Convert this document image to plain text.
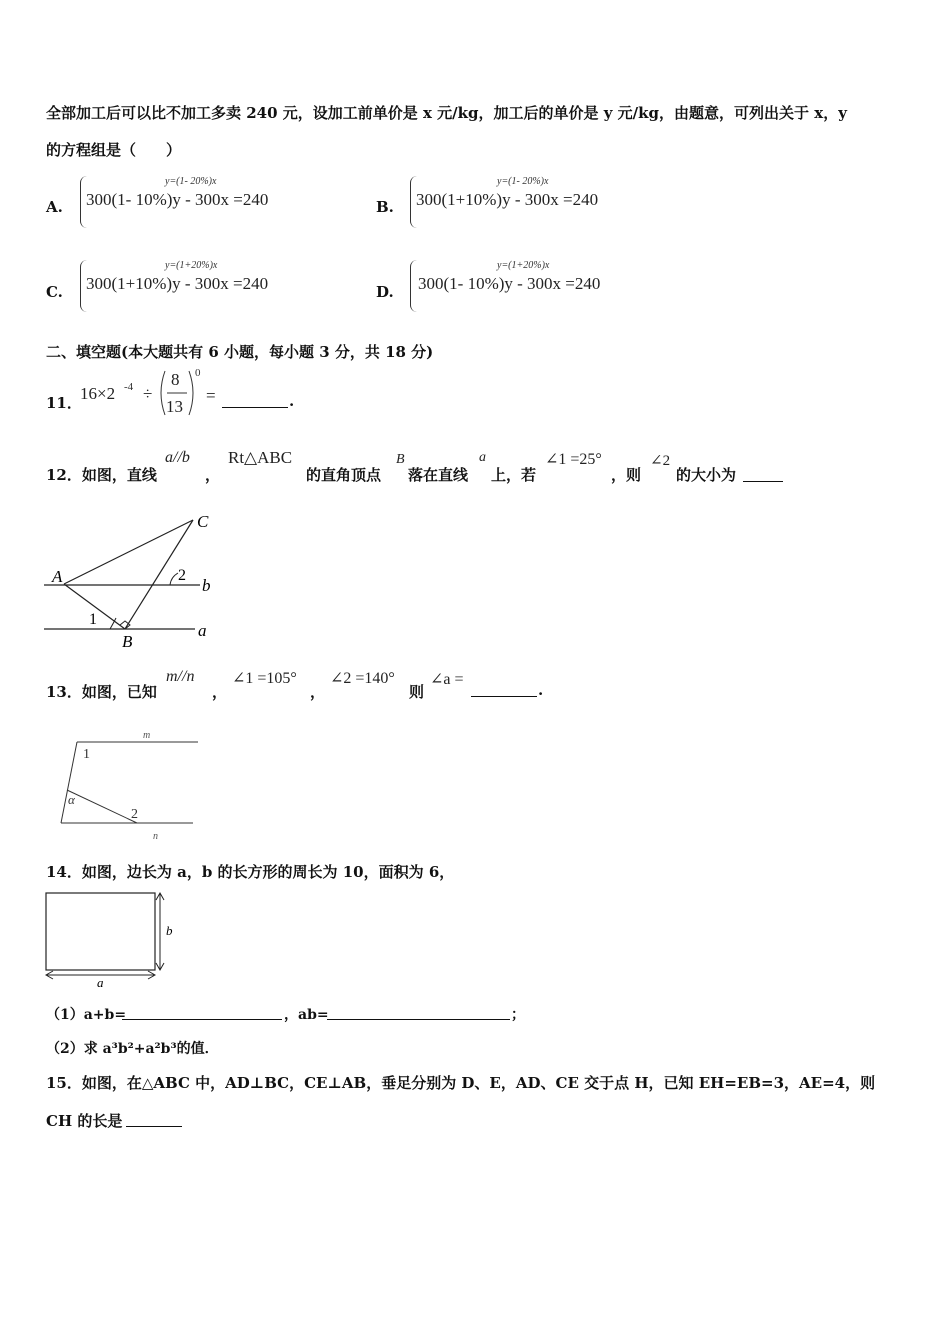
全部加工后可以比不加工多卖 240 元，设加工前单价是 x 元/kg，加工后的单价是 y 元/kg，由题意，可列出关于 x，y
的方程组是（　　）
A.
y=(1- 20%)x
300(1- 10%)y - 300x =240	B.
y=(1- 20%)x
300(1+10%)y - 300x =240
C.
y=(1+20%)x
300(1+10%)y - 300x =240	D.
y=(1+20%)x
300(1- 10%)y - 300x =240
二、填空题(本大题共有 6 小题，每小题 3 分，共 18 分)
11．
16×2 -4 ÷
8
13
0
=	.
12．如图，直线
a//b
，
Rt△ABC
的直角顶点
B
落在直线
a
上，若
∠1 =25°
，则
∠2
的大小为
A
B
C
b
a
1
2
13．如图，已知
m//n
，
∠1 =105°
，
∠2 =140°
则
∠a =
.
m
n
1
2
α
14．如图，边长为 a，b 的长方形的周长为 10，面积为 6，
b
a
（1）a+b=	，ab=	；
（2）求 a³b²+a²b³的值．
15．如图，在△ABC 中，AD⊥BC，CE⊥AB，垂足分别为 D、E，AD、CE 交于点 H，已知 EH=EB=3，AE=4，则
CH 的长是
